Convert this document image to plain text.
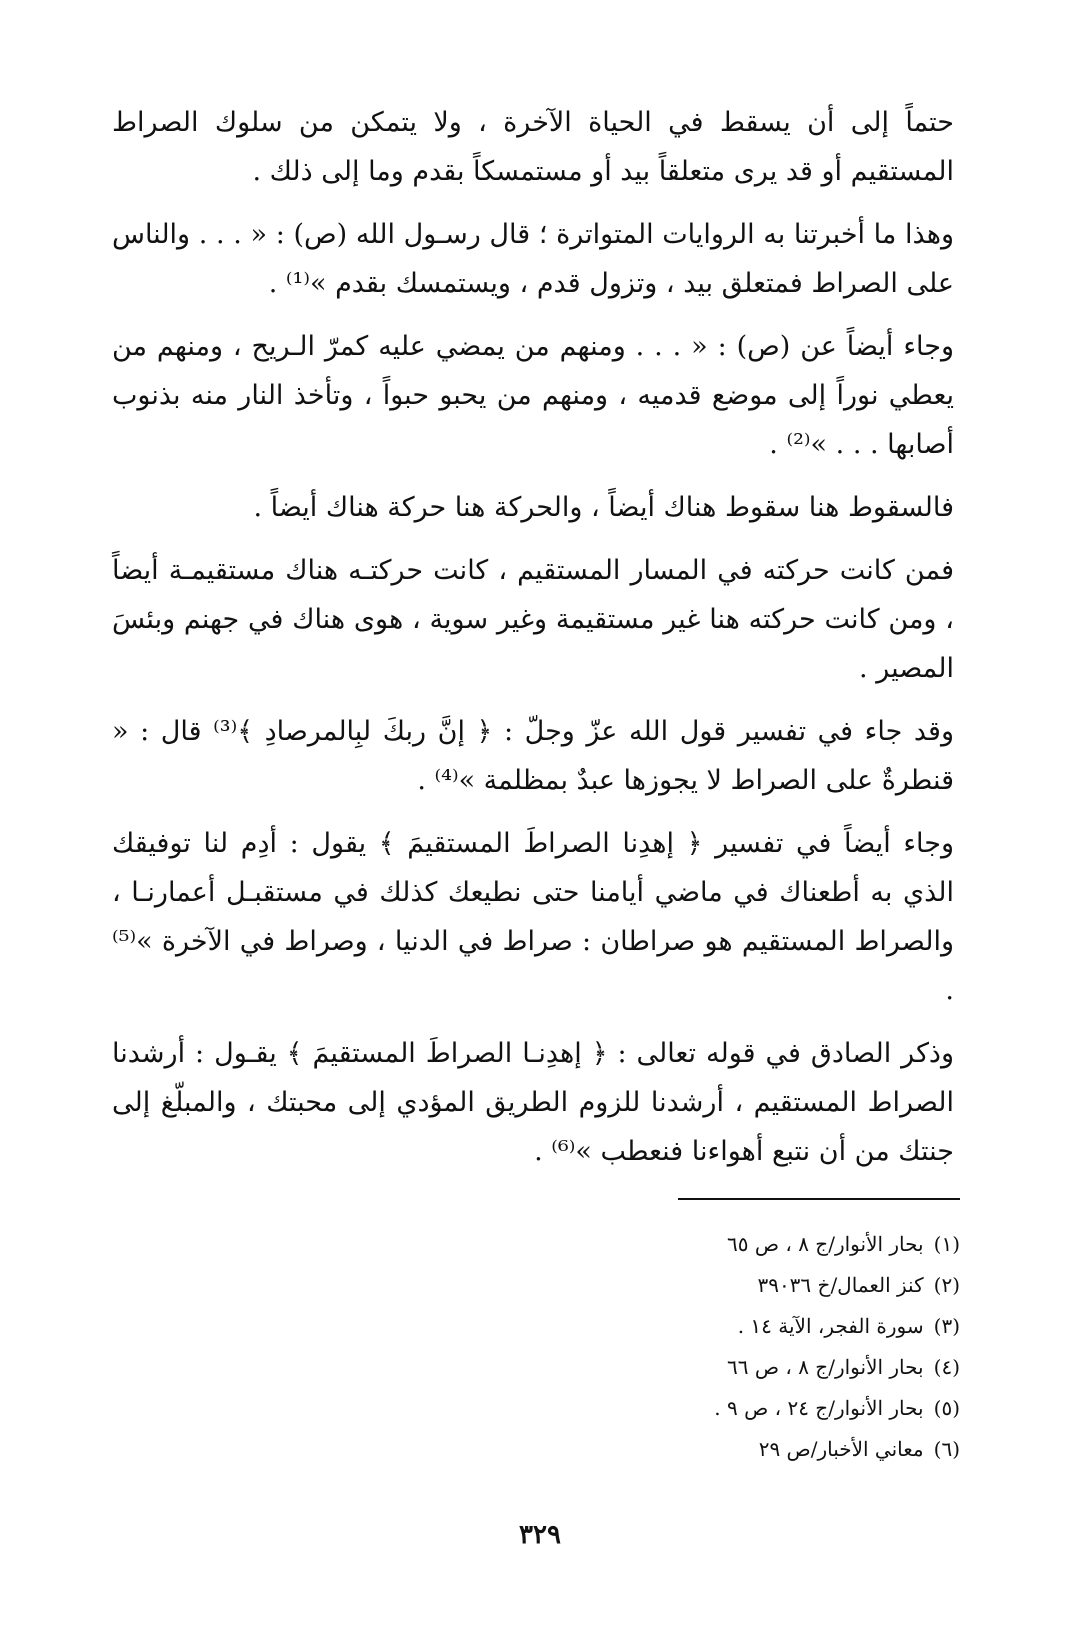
حتماً إلى أن يسقط في الحياة الآخرة ، ولا يتمكن من سلوك الصراط المستقيم أو قد يرى متعلقاً بيد أو مستمسكاً بقدم وما إلى ذلك .

وهذا ما أخبرتنا به الروايات المتواترة ؛ قال رسـول الله (ص) : « . . . والناس على الصراط فمتعلق بيد ، وتزول قدم ، ويستمسك بقدم »⁽¹⁾ .

وجاء أيضاً عن (ص) : « . . . ومنهم من يمضي عليه كمرّ الـريح ، ومنهم من يعطي نوراً إلى موضع قدميه ، ومنهم من يحبو حبواً ، وتأخذ النار منه بذنوب أصابها . . . »⁽²⁾ .

فالسقوط هنا سقوط هناك أيضاً ، والحركة هنا حركة هناك أيضاً .

فمن كانت حركته في المسار المستقيم ، كانت حركتـه هناك مستقيمـة أيضاً ، ومن كانت حركته هنا غير مستقيمة وغير سوية ، هوى هناك في جهنم وبئسَ المصير .

وقد جاء في تفسير قول الله عزّ وجلّ : ﴿ إنَّ ربكَ لبِالمرصادِ ﴾⁽³⁾ قال : « قنطرةٌ على الصراط لا يجوزها عبدٌ بمظلمة »⁽⁴⁾ .

وجاء أيضاً في تفسير ﴿ إهدِنا الصراطَ المستقيمَ ﴾ يقول : أدِم لنا توفيقك الذي به أطعناك في ماضي أيامنا حتى نطيعك كذلك في مستقبـل أعمارنـا ، والصراط المستقيم هو صراطان : صراط في الدنيا ، وصراط في الآخرة »⁽⁵⁾ .

وذكر الصادق في قوله تعالى : ﴿ إهدِنـا الصراطَ المستقيمَ ﴾ يقـول : أرشدنا الصراط المستقيم ، أرشدنا للزوم الطريق المؤدي إلى محبتك ، والمبلّغ إلى جنتك من أن نتبع أهواءنا فنعطب »⁽⁶⁾ .

(١)بحار الأنوار/ج ٨ ، ص ٦٥
(٢)كنز العمال/خ ٣٩٠٣٦
(٣)سورة الفجر، الآية ١٤ .
(٤)بحار الأنوار/ج ٨ ، ص ٦٦
(٥)بحار الأنوار/ج ٢٤ ، ص ٩ .
(٦)معاني الأخبار/ص ٢٩
٣٢٩
